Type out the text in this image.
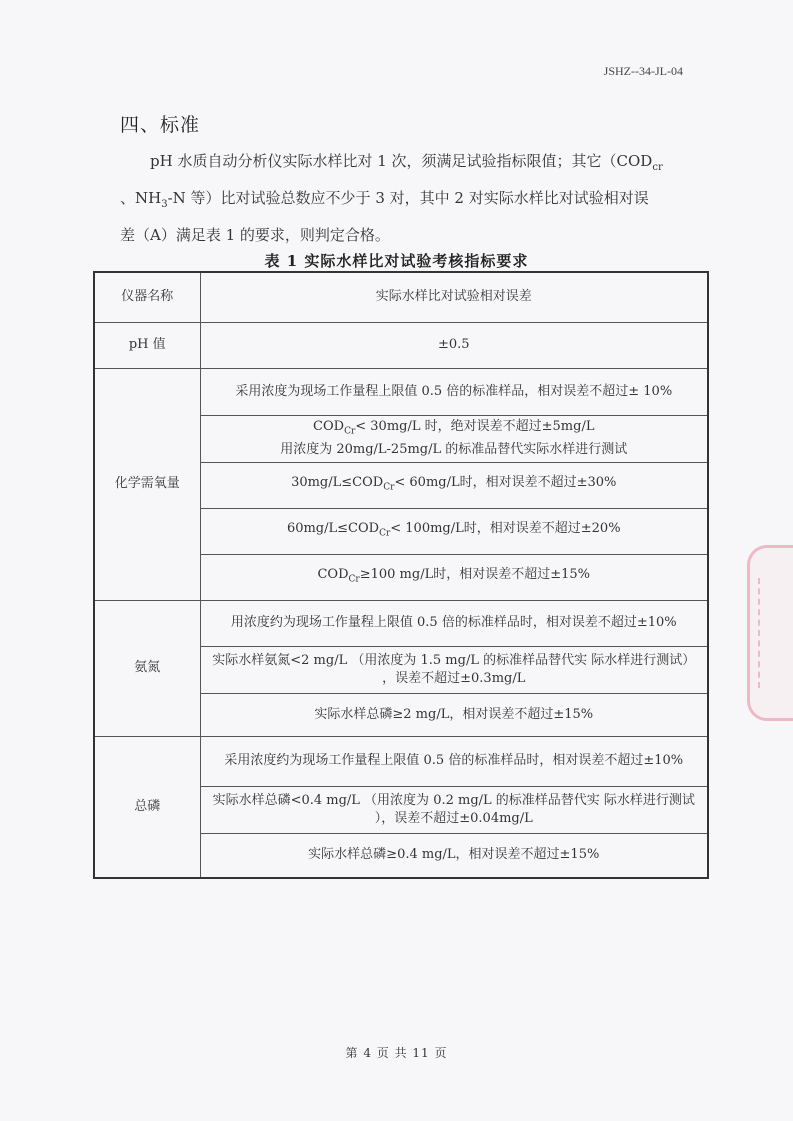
JSHZ--34-JL-04
四、标准

pH 水质自动分析仪实际水样比对 1 次，须满足试验指标限值；其它（$COD_{cr}$

、$NH_3-N$ 等）比对试验总数应不少于 3 对，其中 2 对实际水样比对试验相对误

差（A）满足表 1 的要求，则判定合格。

表 1 实际水样比对试验考核指标要求
仪器名称	实际水样比对试验相对误差
pH 值	±0.5
化学需氧量	采用浓度为现场工作量程上限值 0.5 倍的标准样品，相对误差不超过± 10%

	$COD_{Cr}< 30mg/L$ 时，绝对误差不超过±5mg/L
用浓度为 20mg/L-25mg/L 的标准品替代实际水样进行测试

	$30mg/L\le COD_{Cr}< 60mg/L$时，相对误差不超过±30%
	$60mg/L\le COD_{Cr}< 100mg/L$时，相对误差不超过±20%
	$COD_{Cr}\ge 100$ mg/L时，相对误差不超过±15%
氨氮	用浓度约为现场工作量程上限值 0.5 倍的标准样品时，相对误差不超过±10%

	实际水样氨氮<2 mg/L （用浓度为 1.5 mg/L 的标准样品替代实 际水样进行测试）
，误差不超过±0.3mg/L

	实际水样总磷≥2 mg/L，相对误差不超过±15%
总磷	采用浓度约为现场工作量程上限值 0.5 倍的标准样品时，相对误差不超过±10%

	实际水样总磷<0.4 mg/L （用浓度为 0.2 mg/L 的标准样品替代实 际水样进行测试
），误差不超过±0.04mg/L

	实际水样总磷≥0.4 mg/L，相对误差不超过±15%
第 4 页 共 11 页
